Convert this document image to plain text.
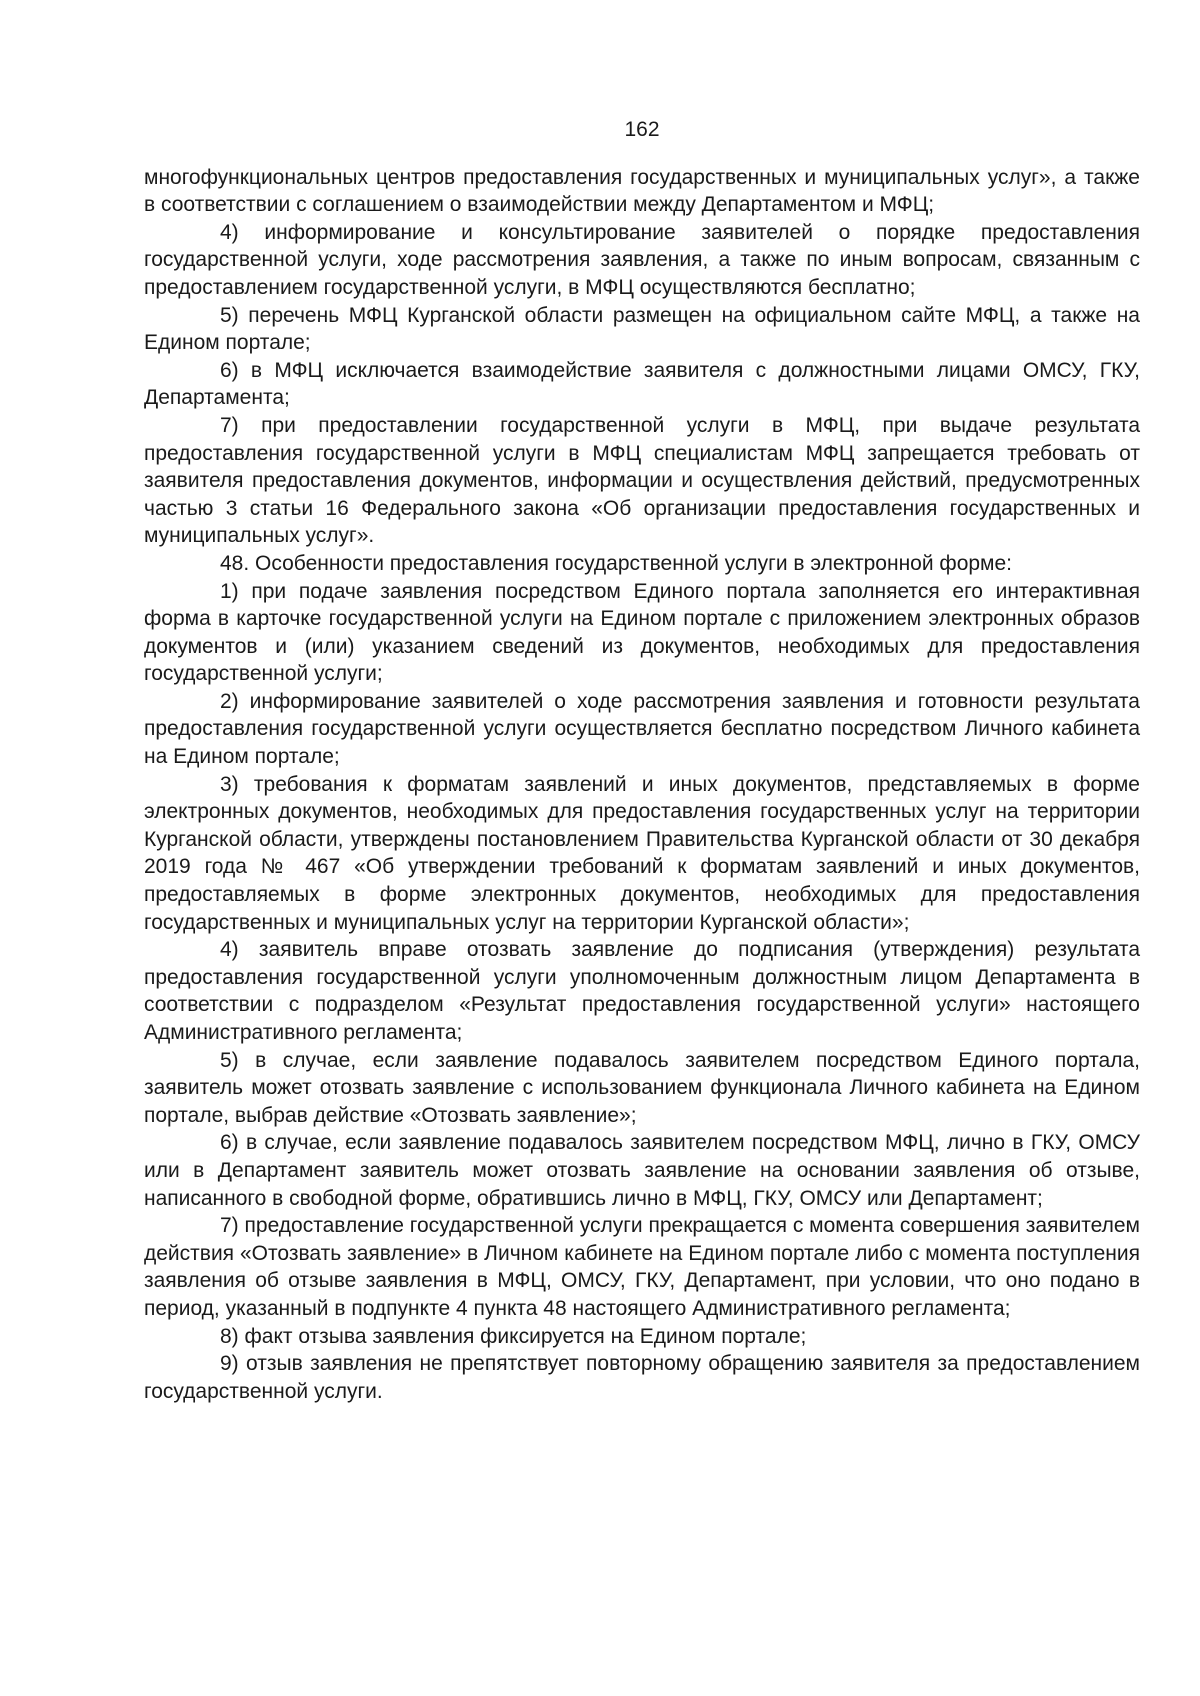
162

многофункциональных центров предоставления государственных и муниципальных услуг», а также в соответствии с соглашением о взаимодействии между Департаментом и МФЦ;

4) информирование и консультирование заявителей о порядке предоставления государственной услуги, ходе рассмотрения заявления, а также по иным вопросам, связанным с предоставлением государственной услуги, в МФЦ осуществляются бесплатно;

5) перечень МФЦ Курганской области размещен на официальном сайте МФЦ, а также на Едином портале;

6) в МФЦ исключается взаимодействие заявителя с должностными лицами ОМСУ, ГКУ, Департамента;

7) при предоставлении государственной услуги в МФЦ, при выдаче результата предоставления государственной услуги в МФЦ специалистам МФЦ запрещается требовать от заявителя предоставления документов, информации и осуществления действий, предусмотренных частью 3 статьи 16 Федерального закона «Об организации предоставления государственных и муниципальных услуг».

48. Особенности предоставления государственной услуги в электронной форме:

1) при подаче заявления посредством Единого портала заполняется его интерактивная форма в карточке государственной услуги на Едином портале с приложением электронных образов документов и (или) указанием сведений из документов, необходимых для предоставления государственной услуги;

2) информирование заявителей о ходе рассмотрения заявления и готовности результата предоставления государственной услуги осуществляется бесплатно посредством Личного кабинета на Едином портале;

3) требования к форматам заявлений и иных документов, представляемых в форме электронных документов, необходимых для предоставления государственных услуг на территории Курганской области, утверждены постановлением Правительства Курганской области от 30 декабря 2019 года № 467 «Об утверждении требований к форматам заявлений и иных документов, предоставляемых в форме электронных документов, необходимых для предоставления государственных и муниципальных услуг на территории Курганской области»;

4) заявитель вправе отозвать заявление до подписания (утверждения) результата предоставления государственной услуги уполномоченным должностным лицом Департамента в соответствии с подразделом «Результат предоставления государственной услуги» настоящего Административного регламента;

5) в случае, если заявление подавалось заявителем посредством Единого портала, заявитель может отозвать заявление с использованием функционала Личного кабинета на Едином портале, выбрав действие «Отозвать заявление»;

6) в случае, если заявление подавалось заявителем посредством МФЦ, лично в ГКУ, ОМСУ или в Департамент заявитель может отозвать заявление на основании заявления об отзыве, написанного в свободной форме, обратившись лично в МФЦ, ГКУ, ОМСУ или Департамент;

7) предоставление государственной услуги прекращается с момента совершения заявителем действия «Отозвать заявление» в Личном кабинете на Едином портале либо с момента поступления заявления об отзыве заявления в МФЦ, ОМСУ, ГКУ, Департамент, при условии, что оно подано в период, указанный в подпункте 4 пункта 48 настоящего Административного регламента;

8) факт отзыва заявления фиксируется на Едином портале;

9) отзыв заявления не препятствует повторному обращению заявителя за предоставлением государственной услуги.
